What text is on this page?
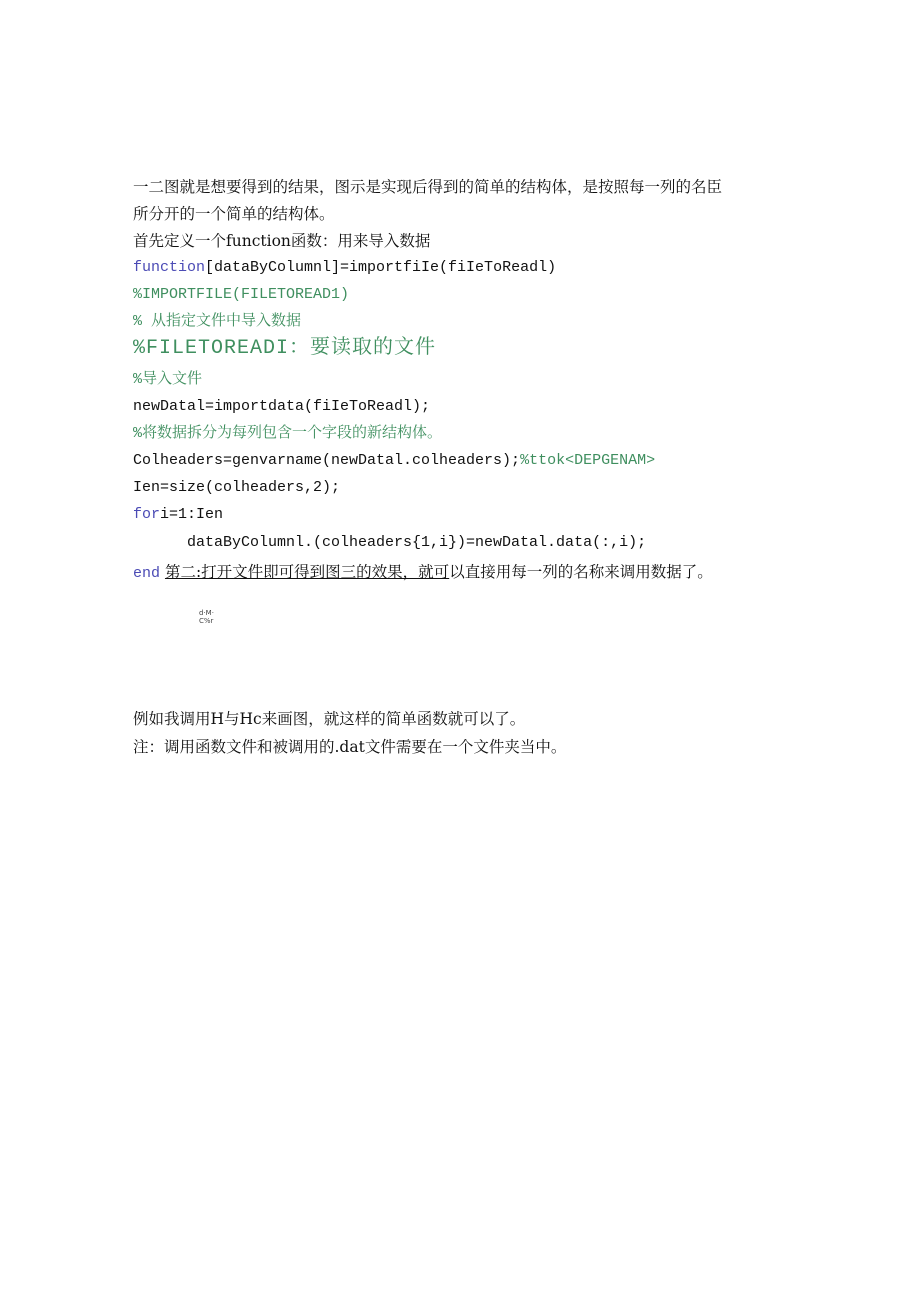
一二图就是想要得到的结果，图示是实现后得到的简单的结构体，是按照每一列的名臣
所分开的一个简单的结构体。
首先定义一个function函数：用来导入数据
function[dataByColumnl]=importfiIe(fiIeToReadl)
%IMPORTFILE(FILETOREAD1)
% 从指定文件中导入数据
%FILETOREADI：要读取的文件
%导入文件
newDatal=importdata(fiIeToReadl);
%将数据拆分为每列包含一个字段的新结构体。
Colheaders=genvarname(newDatal.colheaders);%ttok<DEPGENAM>
Ien=size(colheaders,2);
fori=1:Ien
dataByColumnl.(colheaders{1,i})=newDatal.data(:,i);
end 第二:打开文件即可得到图三的效果，就可以直接用每一列的名称来调用数据了。
d·M·
C%r
例如我调用H与Hc来画图，就这样的简单函数就可以了。
注：调用函数文件和被调用的.dat文件需要在一个文件夹当中。
